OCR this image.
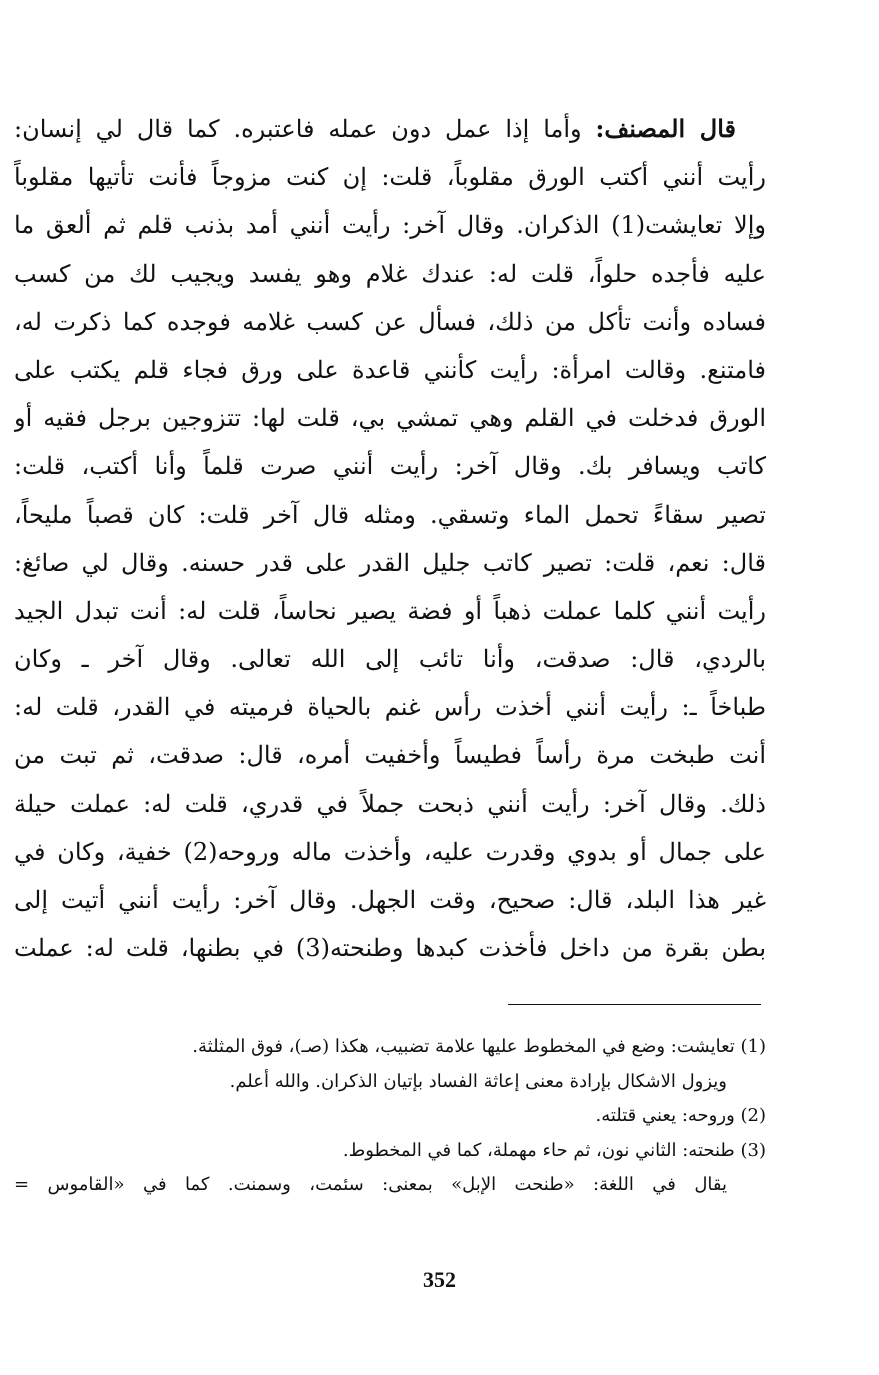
قال المصنف: وأما إذا عمل دون عمله فاعتبره. كما قال لي إنسان:
رأيت أنني أكتب الورق مقلوباً، قلت: إن كنت مزوجاً فأنت تأتيها مقلوباً
وإلا تعايشت(1) الذكران. وقال آخر: رأيت أنني أمد بذنب قلم ثم ألعق ما
عليه فأجده حلواً، قلت له: عندك غلام وهو يفسد ويجيب لك من كسب
فساده وأنت تأكل من ذلك، فسأل عن كسب غلامه فوجده كما ذكرت له،
فامتنع. وقالت امرأة: رأيت كأنني قاعدة على ورق فجاء قلم يكتب على
الورق فدخلت في القلم وهي تمشي بي، قلت لها: تتزوجين برجل فقيه أو
كاتب ويسافر بك. وقال آخر: رأيت أنني صرت قلماً وأنا أكتب، قلت:
تصير سقاءً تحمل الماء وتسقي. ومثله قال آخر قلت: كان قصباً مليحاً،
قال: نعم، قلت: تصير كاتب جليل القدر على قدر حسنه. وقال لي صائغ:
رأيت أنني كلما عملت ذهباً أو فضة يصير نحاساً، قلت له: أنت تبدل الجيد
بالردي، قال: صدقت، وأنا تائب إلى الله تعالى. وقال آخر ـ وكان
طباخاً ـ: رأيت أنني أخذت رأس غنم بالحياة فرميته في القدر، قلت له:
أنت طبخت مرة رأساً فطيساً وأخفيت أمره، قال: صدقت، ثم تبت من
ذلك. وقال آخر: رأيت أنني ذبحت جملاً في قدري، قلت له: عملت حيلة
على جمال أو بدوي وقدرت عليه، وأخذت ماله وروحه(2) خفية، وكان في
غير هذا البلد، قال: صحيح، وقت الجهل. وقال آخر: رأيت أنني أتيت إلى
بطن بقرة من داخل فأخذت كبدها وطنحته(3) في بطنها، قلت له: عملت
(1) تعايشت: وضع في المخطوط عليها علامة تضبيب، هكذا (صـ)، فوق المثلثة.
ويزول الاشكال بإرادة معنى إعاثة الفساد بإتيان الذكران. والله أعلم.
(2) وروحه: يعني قتلته.
(3) طنحته: الثاني نون، ثم حاء مهملة، كما في المخطوط.
يقال في اللغة: «طنحت الإبل» بمعنى: سئمت، وسمنت. كما في «القاموس =
352
